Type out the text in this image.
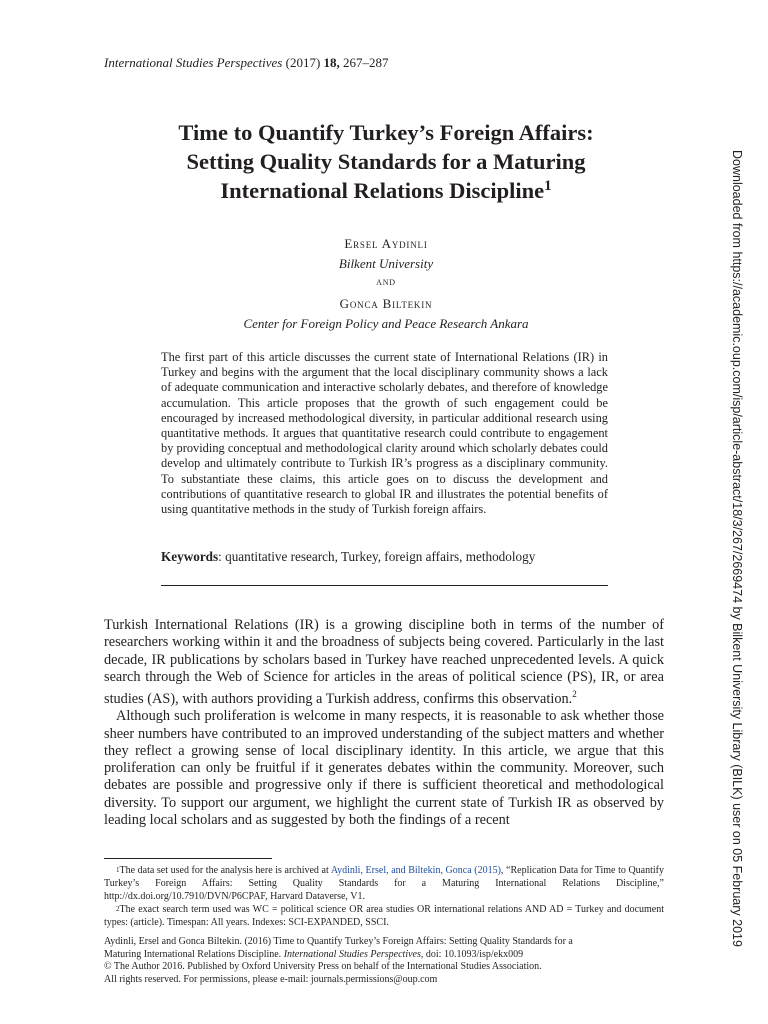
International Studies Perspectives (2017) 18, 267–287
Time to Quantify Turkey’s Foreign Affairs:
Setting Quality Standards for a Maturing
International Relations Discipline$^1$
Ersel Aydinli
Bilkent University
and
Gonca Biltekin
Center for Foreign Policy and Peace Research Ankara
The first part of this article discusses the current state of International Relations (IR) in Turkey and begins with the argument that the local disciplinary community shows a lack of adequate communication and interactive scholarly debates, and therefore of knowledge accumulation. This article proposes that the growth of such engagement could be encouraged by increased methodological diversity, in particular additional research using quantitative methods. It argues that quantitative research could contribute to engagement by providing conceptual and methodological clarity around which scholarly debates could develop and ultimately contribute to Turkish IR’s progress as a disciplinary community. To substantiate these claims, this article goes on to discuss the development and contributions of quantitative research to global IR and illustrates the potential benefits of using quantitative methods in the study of Turkish foreign affairs.
Keywords: quantitative research, Turkey, foreign affairs, methodology

Turkish International Relations (IR) is a growing discipline both in terms of the number of researchers working within it and the broadness of subjects being covered. Particularly in the last decade, IR publications by scholars based in Turkey have reached unprecedented levels. A quick search through the Web of Science for articles in the areas of political science (PS), IR, or area studies (AS), with authors providing a Turkish address, confirms this observation.$^2$

Although such proliferation is welcome in many respects, it is reasonable to ask whether those sheer numbers have contributed to an improved understanding of the subject matters and whether they reflect a growing sense of local disciplinary identity. In this article, we argue that this proliferation can only be fruitful if it generates debates within the community. Moreover, such debates are possible and progressive only if there is sufficient theoretical and methodological diversity. To support our argument, we highlight the current state of Turkish IR as observed by leading local scholars and as suggested by both the findings of a recent

$^1$The data set used for the analysis here is archived at Aydinli, Ersel, and Biltekin, Gonca (2015), “Replication Data for Time to Quantify Turkey’s Foreign Affairs: Setting Quality Standards for a Maturing International Relations Discipline,” http://dx.doi.org/10.7910/DVN/P6CPAF, Harvard Dataverse, V1.
$^2$The exact search term used was WC = political science OR area studies OR international relations AND AD = Turkey and document types: (article). Timespan: All years. Indexes: SCI-EXPANDED, SSCI.
Aydinli, Ersel and Gonca Biltekin. (2016) Time to Quantify Turkey’s Foreign Affairs: Setting Quality Standards for a
Maturing International Relations Discipline. International Studies Perspectives, doi: 10.1093/isp/ekx009
© The Author 2016. Published by Oxford University Press on behalf of the International Studies Association.
All rights reserved. For permissions, please e-mail: journals.permissions@oup.com
Downloaded from https://academic.oup.com/isp/article-abstract/18/3/267/2669474 by Bilkent University Library (BILK) user on 05 February 2019
